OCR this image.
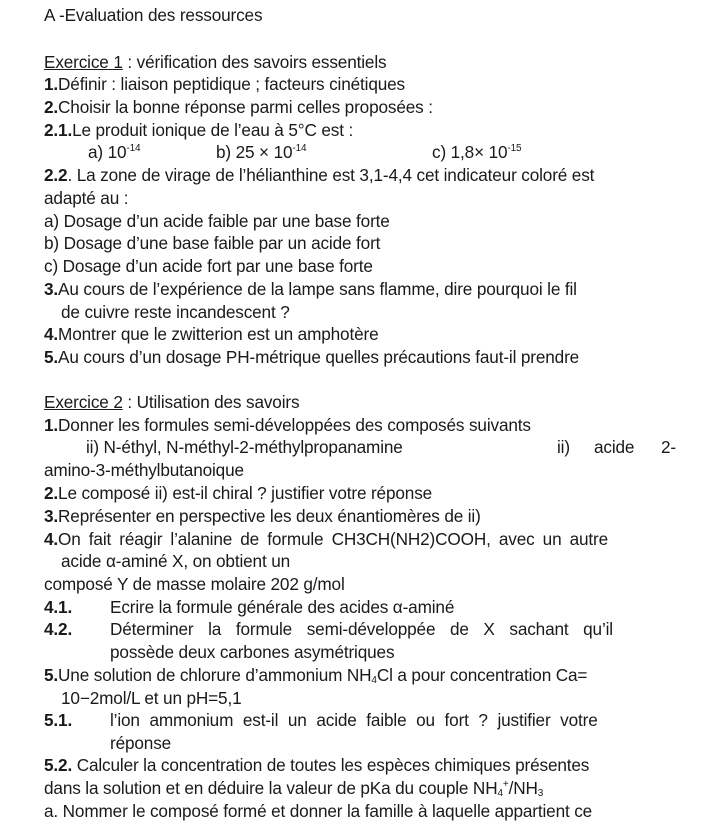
A -Evaluation des ressources
Exercice 1 : vérification des savoirs essentiels
1.Définir : liaison peptidique ; facteurs cinétiques
2.Choisir la bonne réponse parmi celles proposées :
2.1.Le produit ionique de l’eau à 5°C est :
a) $10^{-14}$	b) $25 \times 10^{-14}$	c) $1,8\times 10^{-15}$
2.2. La zone de virage de l’hélianthine est 3,1-4,4 cet indicateur coloré est
adapté au :
a) Dosage d’un acide faible par une base forte
b) Dosage d’une base faible par un acide fort
c) Dosage d’un acide fort par une base forte
3.Au cours de l’expérience de la lampe sans flamme, dire pourquoi le fil
de cuivre reste incandescent ?
4.Montrer que le zwitterion est un amphotère
5.Au cours d’un dosage PH-métrique quelles précautions faut-il prendre
Exercice 2 : Utilisation des savoirs
1.Donner les formules semi-développées des composés suivants
ii) N-éthyl, N-méthyl-2-méthylpropanamine	ii) acide 2-
amino-3-méthylbutanoique
2.Le composé ii) est-il chiral ? justifier votre réponse
3.Représenter en perspective les deux énantiomères de ii)
4.On fait réagir l’alanine de formule CH3CH(NH2)COOH, avec un autre
acide α-aminé X, on obtient un
composé Y de masse molaire 202 g/mol
4.1. Ecrire la formule générale des acides α-aminé
4.2. Déterminer la formule semi-développée de X sachant qu’il
possède deux carbones asymétriques
5.Une solution de chlorure d’ammonium $NH_4Cl$ a pour concentration Ca=
10−2mol/L et un pH=5,1
5.1. l’ion ammonium est-il un acide faible ou fort ? justifier votre
réponse
5.2. Calculer la concentration de toutes les espèces chimiques présentes
dans la solution et en déduire la valeur de pKa du couple $NH_4^+/NH_3$
a. Nommer le composé formé et donner la famille à laquelle appartient ce
